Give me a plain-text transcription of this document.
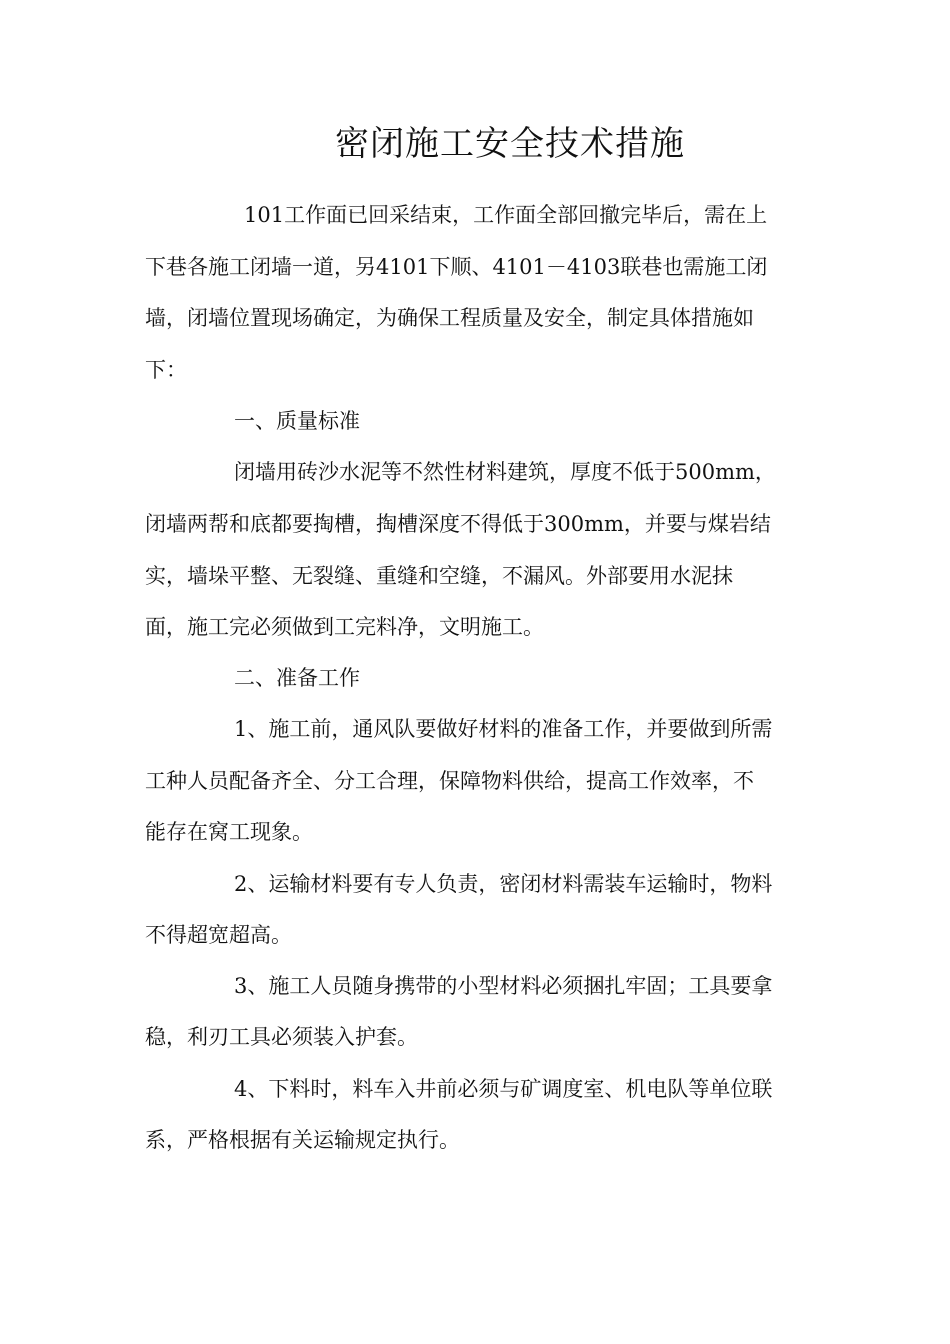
密闭施工安全技术措施

101工作面已回采结束，工作面全部回撤完毕后，需在上

下巷各施工闭墙一道，另4101下顺、4101－4103联巷也需施工闭

墙，闭墙位置现场确定，为确保工程质量及安全，制定具体措施如

下：

一、质量标准

闭墙用砖沙水泥等不然性材料建筑，厚度不低于500mm，

闭墙两帮和底都要掏槽，掏槽深度不得低于300mm，并要与煤岩结

实，墙垛平整、无裂缝、重缝和空缝，不漏风。外部要用水泥抹

面，施工完必须做到工完料净，文明施工。

二、准备工作

1、施工前，通风队要做好材料的准备工作，并要做到所需

工种人员配备齐全、分工合理，保障物料供给，提高工作效率，不

能存在窝工现象。

2、运输材料要有专人负责，密闭材料需装车运输时，物料

不得超宽超高。

3、施工人员随身携带的小型材料必须捆扎牢固；工具要拿

稳，利刃工具必须装入护套。

4、下料时，料车入井前必须与矿调度室、机电队等单位联

系，严格根据有关运输规定执行。
